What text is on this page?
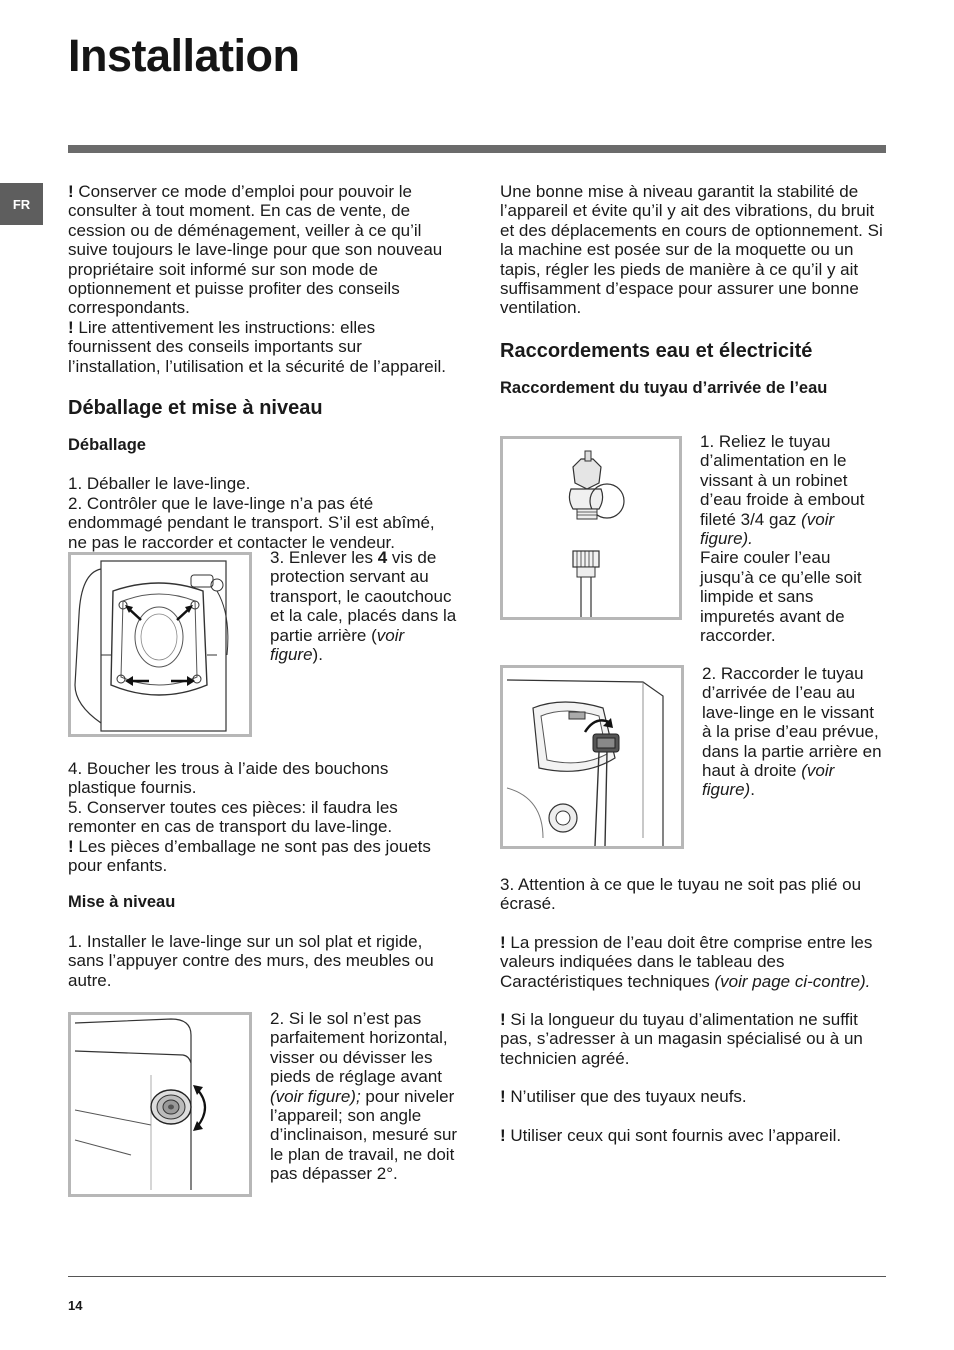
Installation
FR

! Conserver ce mode d’emploi pour pouvoir le consulter à tout moment. En cas de vente, de cession ou de déménagement, veiller à ce qu’il suive toujours le lave-linge pour que son nouveau propriétaire soit informé sur son mode de optionnement et puisse profiter des conseils correspondants.

! Lire attentivement les instructions: elles fournissent des conseils importants sur l’installation, l’utilisation et la sécurité de l’appareil.

Déballage et mise à niveau
Déballage

1. Déballer le lave-linge.

2. Contrôler que le lave-linge n’a pas été endommagé pendant le transport. S’il est abîmé, ne pas le raccorder et contacter le vendeur.

3. Enlever les 4 vis de protection servant au transport, le caoutchouc et la cale, placés dans la partie arrière (voir figure).

4. Boucher les trous à l’aide des bouchons plastique fournis.

5. Conserver toutes ces pièces: il faudra les remonter en cas de transport du lave-linge.

! Les pièces d’emballage ne sont pas des jouets pour enfants.

Mise à niveau

1. Installer le lave-linge sur un sol plat et rigide, sans l’appuyer contre des murs, des meubles ou autre.

2. Si le sol n’est pas parfaitement horizontal, visser ou dévisser les pieds de réglage avant (voir figure); pour niveler l’appareil; son angle d’inclinaison, mesuré sur le plan de travail, ne doit pas dépasser 2°.

Une bonne mise à niveau garantit la stabilité de l’appareil et évite qu’il y ait des vibrations, du bruit et des déplacements en cours de optionnement. Si la machine est posée sur de la moquette ou un tapis, régler les pieds de manière à ce qu’il y ait suffisamment d’espace pour assurer une bonne ventilation.

Raccordements eau et électricité
Raccordement du tuyau d’arrivée de l’eau

1. Reliez le tuyau d’alimentation en le vissant à un robinet d’eau froide à embout fileté 3/4 gaz (voir figure).

Faire couler l’eau jusqu’à ce qu’elle soit limpide et sans impuretés avant de raccorder.

2. Raccorder le tuyau d’arrivée de l’eau au lave-linge en le vissant à la prise d’eau prévue, dans la partie arrière en haut à droite (voir figure).

3. Attention à ce que le tuyau ne soit pas plié ou écrasé.

! La pression de l’eau doit être comprise entre les valeurs indiquées dans le tableau des Caractéristiques techniques (voir page ci-contre).

! Si la longueur du tuyau d’alimentation ne suffit pas, s’adresser à un magasin spécialisé ou à un technicien agréé.

! N’utiliser que des tuyaux neufs.

! Utiliser ceux qui sont fournis avec l’appareil.

14
